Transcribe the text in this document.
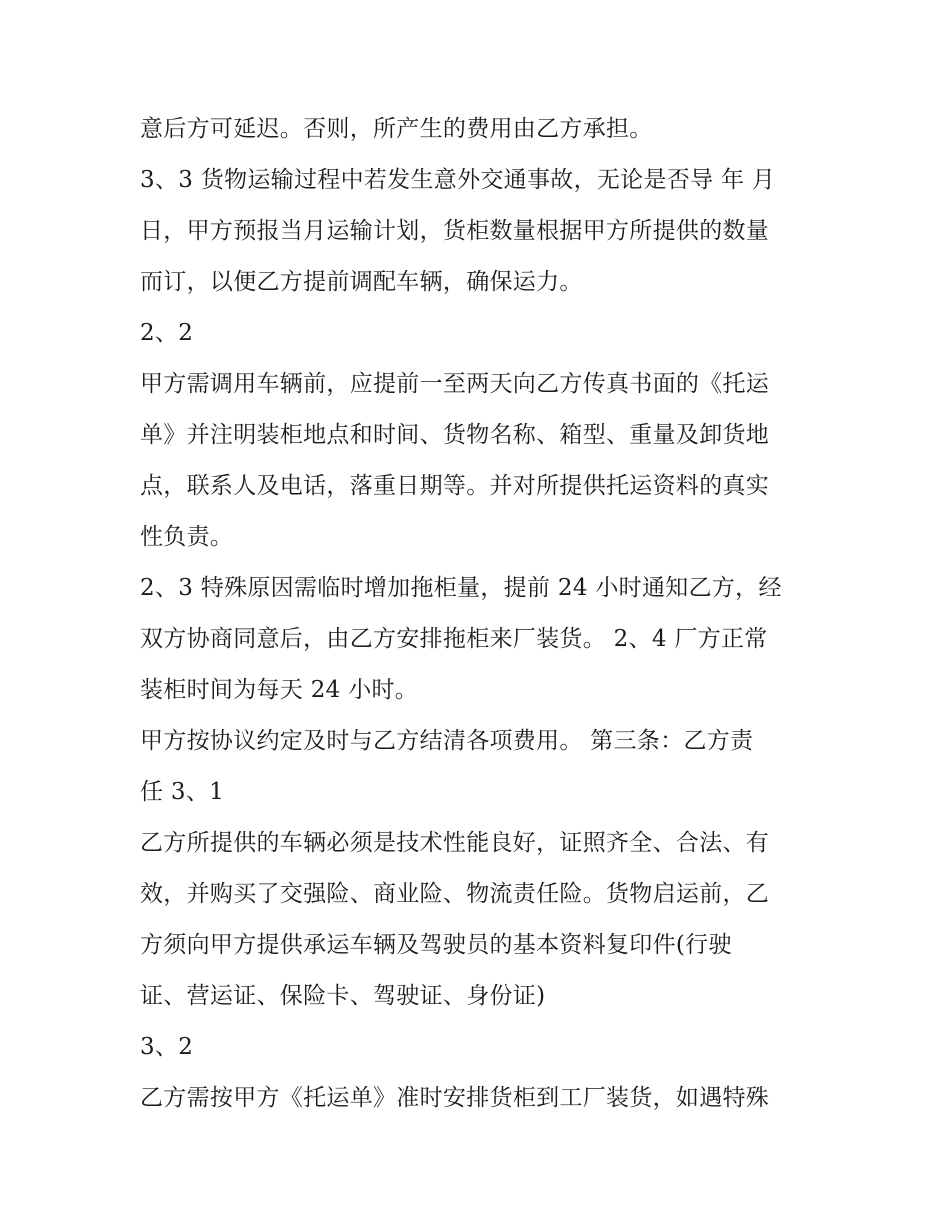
意后方可延迟。否则，所产生的费用由乙方承担。
3、3 货物运输过程中若发生意外交通事故，无论是否导 年 月
日，甲方预报当月运输计划，货柜数量根据甲方所提供的数量
而订，以便乙方提前调配车辆，确保运力。
2、2
甲方需调用车辆前，应提前一至两天向乙方传真书面的《托运
单》并注明装柜地点和时间、货物名称、箱型、重量及卸货地
点，联系人及电话，落重日期等。并对所提供托运资料的真实
性负责。
2、3 特殊原因需临时增加拖柜量，提前 24 小时通知乙方，经
双方协商同意后，由乙方安排拖柜来厂装货。 2、4 厂方正常
装柜时间为每天 24 小时。
甲方按协议约定及时与乙方结清各项费用。 第三条：乙方责
任 3、1
乙方所提供的车辆必须是技术性能良好，证照齐全、合法、有
效，并购买了交强险、商业险、物流责任险。货物启运前，乙
方须向甲方提供承运车辆及驾驶员的基本资料复印件(行驶
证、营运证、保险卡、驾驶证、身份证)
3、2
乙方需按甲方《托运单》准时安排货柜到工厂装货，如遇特殊
